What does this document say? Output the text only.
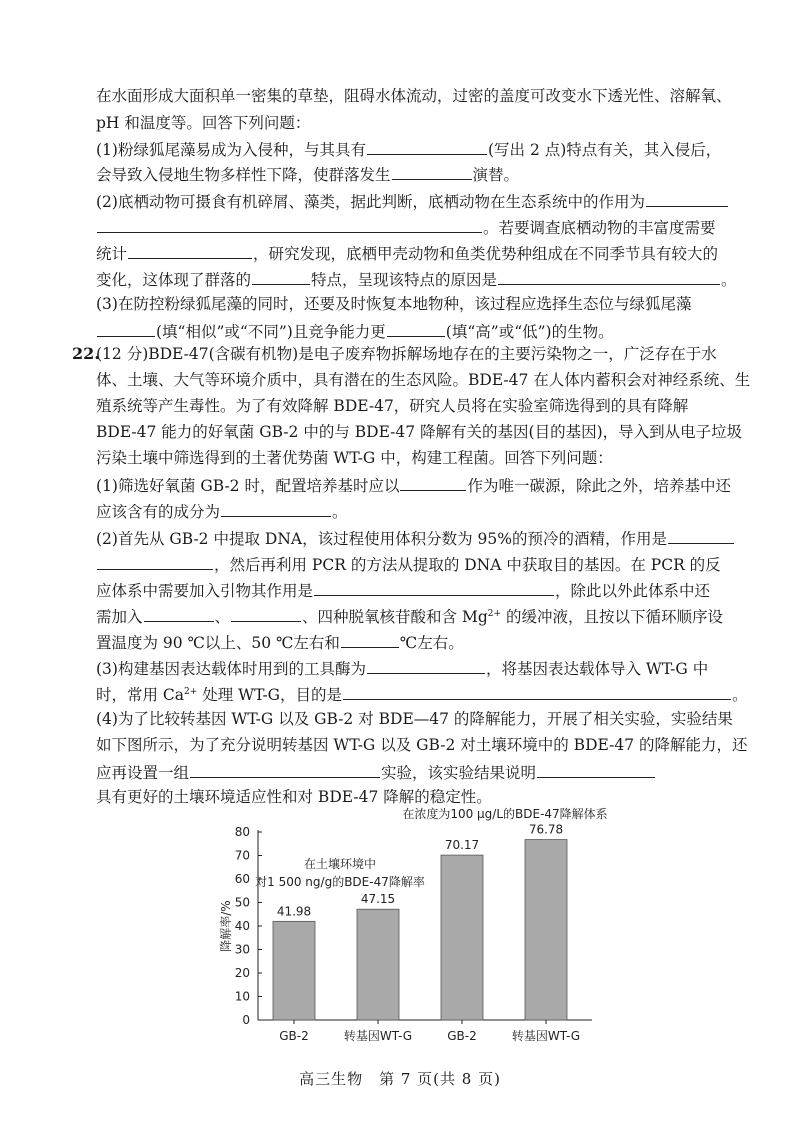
在水面形成大面积单一密集的草垫，阻碍水体流动，过密的盖度可改变水下透光性、溶解氧、
pH 和温度等。回答下列问题：
(1)粉绿狐尾藻易成为入侵种，与其具有	(写出 2 点)特点有关，其入侵后，
会导致入侵地生物多样性下降，使群落发生	演替。
(2)底栖动物可摄食有机碎屑、藻类，据此判断，底栖动物在生态系统中的作用为
。若要调查底栖动物的丰富度需要
统计	，研究发现，底栖甲壳动物和鱼类优势种组成在不同季节具有较大的
变化，这体现了群落的	特点，呈现该特点的原因是	。
(3)在防控粉绿狐尾藻的同时，还要及时恢复本地物种，该过程应选择生态位与绿狐尾藻
(填“相似”或“不同”)且竞争能力更	(填“高”或“低”)的生物。
22.
(12 分)BDE-47(含碳有机物)是电子废弃物拆解场地存在的主要污染物之一，广泛存在于水
体、土壤、大气等环境介质中，具有潜在的生态风险。BDE-47 在人体内蓄积会对神经系统、生
殖系统等产生毒性。为了有效降解 BDE-47，研究人员将在实验室筛选得到的具有降解
BDE-47 能力的好氧菌 GB-2 中的与 BDE-47 降解有关的基因(目的基因)，导入到从电子垃圾
污染土壤中筛选得到的土著优势菌 WT-G 中，构建工程菌。回答下列问题：
(1)筛选好氧菌 GB-2 时，配置培养基时应以	作为唯一碳源，除此之外，培养基中还
应该含有的成分为	。
(2)首先从 GB-2 中提取 DNA，该过程使用体积分数为 95%的预冷的酒精，作用是
，然后再利用 PCR 的方法从提取的 DNA 中获取目的基因。在 PCR 的反
应体系中需要加入引物其作用是	，除此以外此体系中还
需加入	、	、四种脱氧核苷酸和含 $Mg^{2+}$ 的缓冲液，且按以下循环顺序设
置温度为 90 ℃以上、50 ℃左右和	℃左右。
(3)构建基因表达载体时用到的工具酶为	，将基因表达载体导入 WT-G 中
时，常用 $Ca^{2+}$ 处理 WT-G，目的是	。
(4)为了比较转基因 WT-G 以及 GB-2 对 BDE—47 的降解能力，开展了相关实验，实验结果
如下图所示，为了充分说明转基因 WT-G 以及 GB-2 对土壤环境中的 BDE-47 的降解能力，还
应再设置一组	实验，该实验结果说明
具有更好的土壤环境适应性和对 BDE-47 降解的稳定性。
0
10
20
30
40
50
60
70
80
降解率/%	41.98
GB-2
47.15
转基因WT-G
70.17
GB-2
76.78
转基因WT-G
在土壤环境中
对1 500 ng/g的BDE-47降解率
在浓度为100 μg/L的BDE-47降解体系
高三生物　第 7 页(共 8 页)
